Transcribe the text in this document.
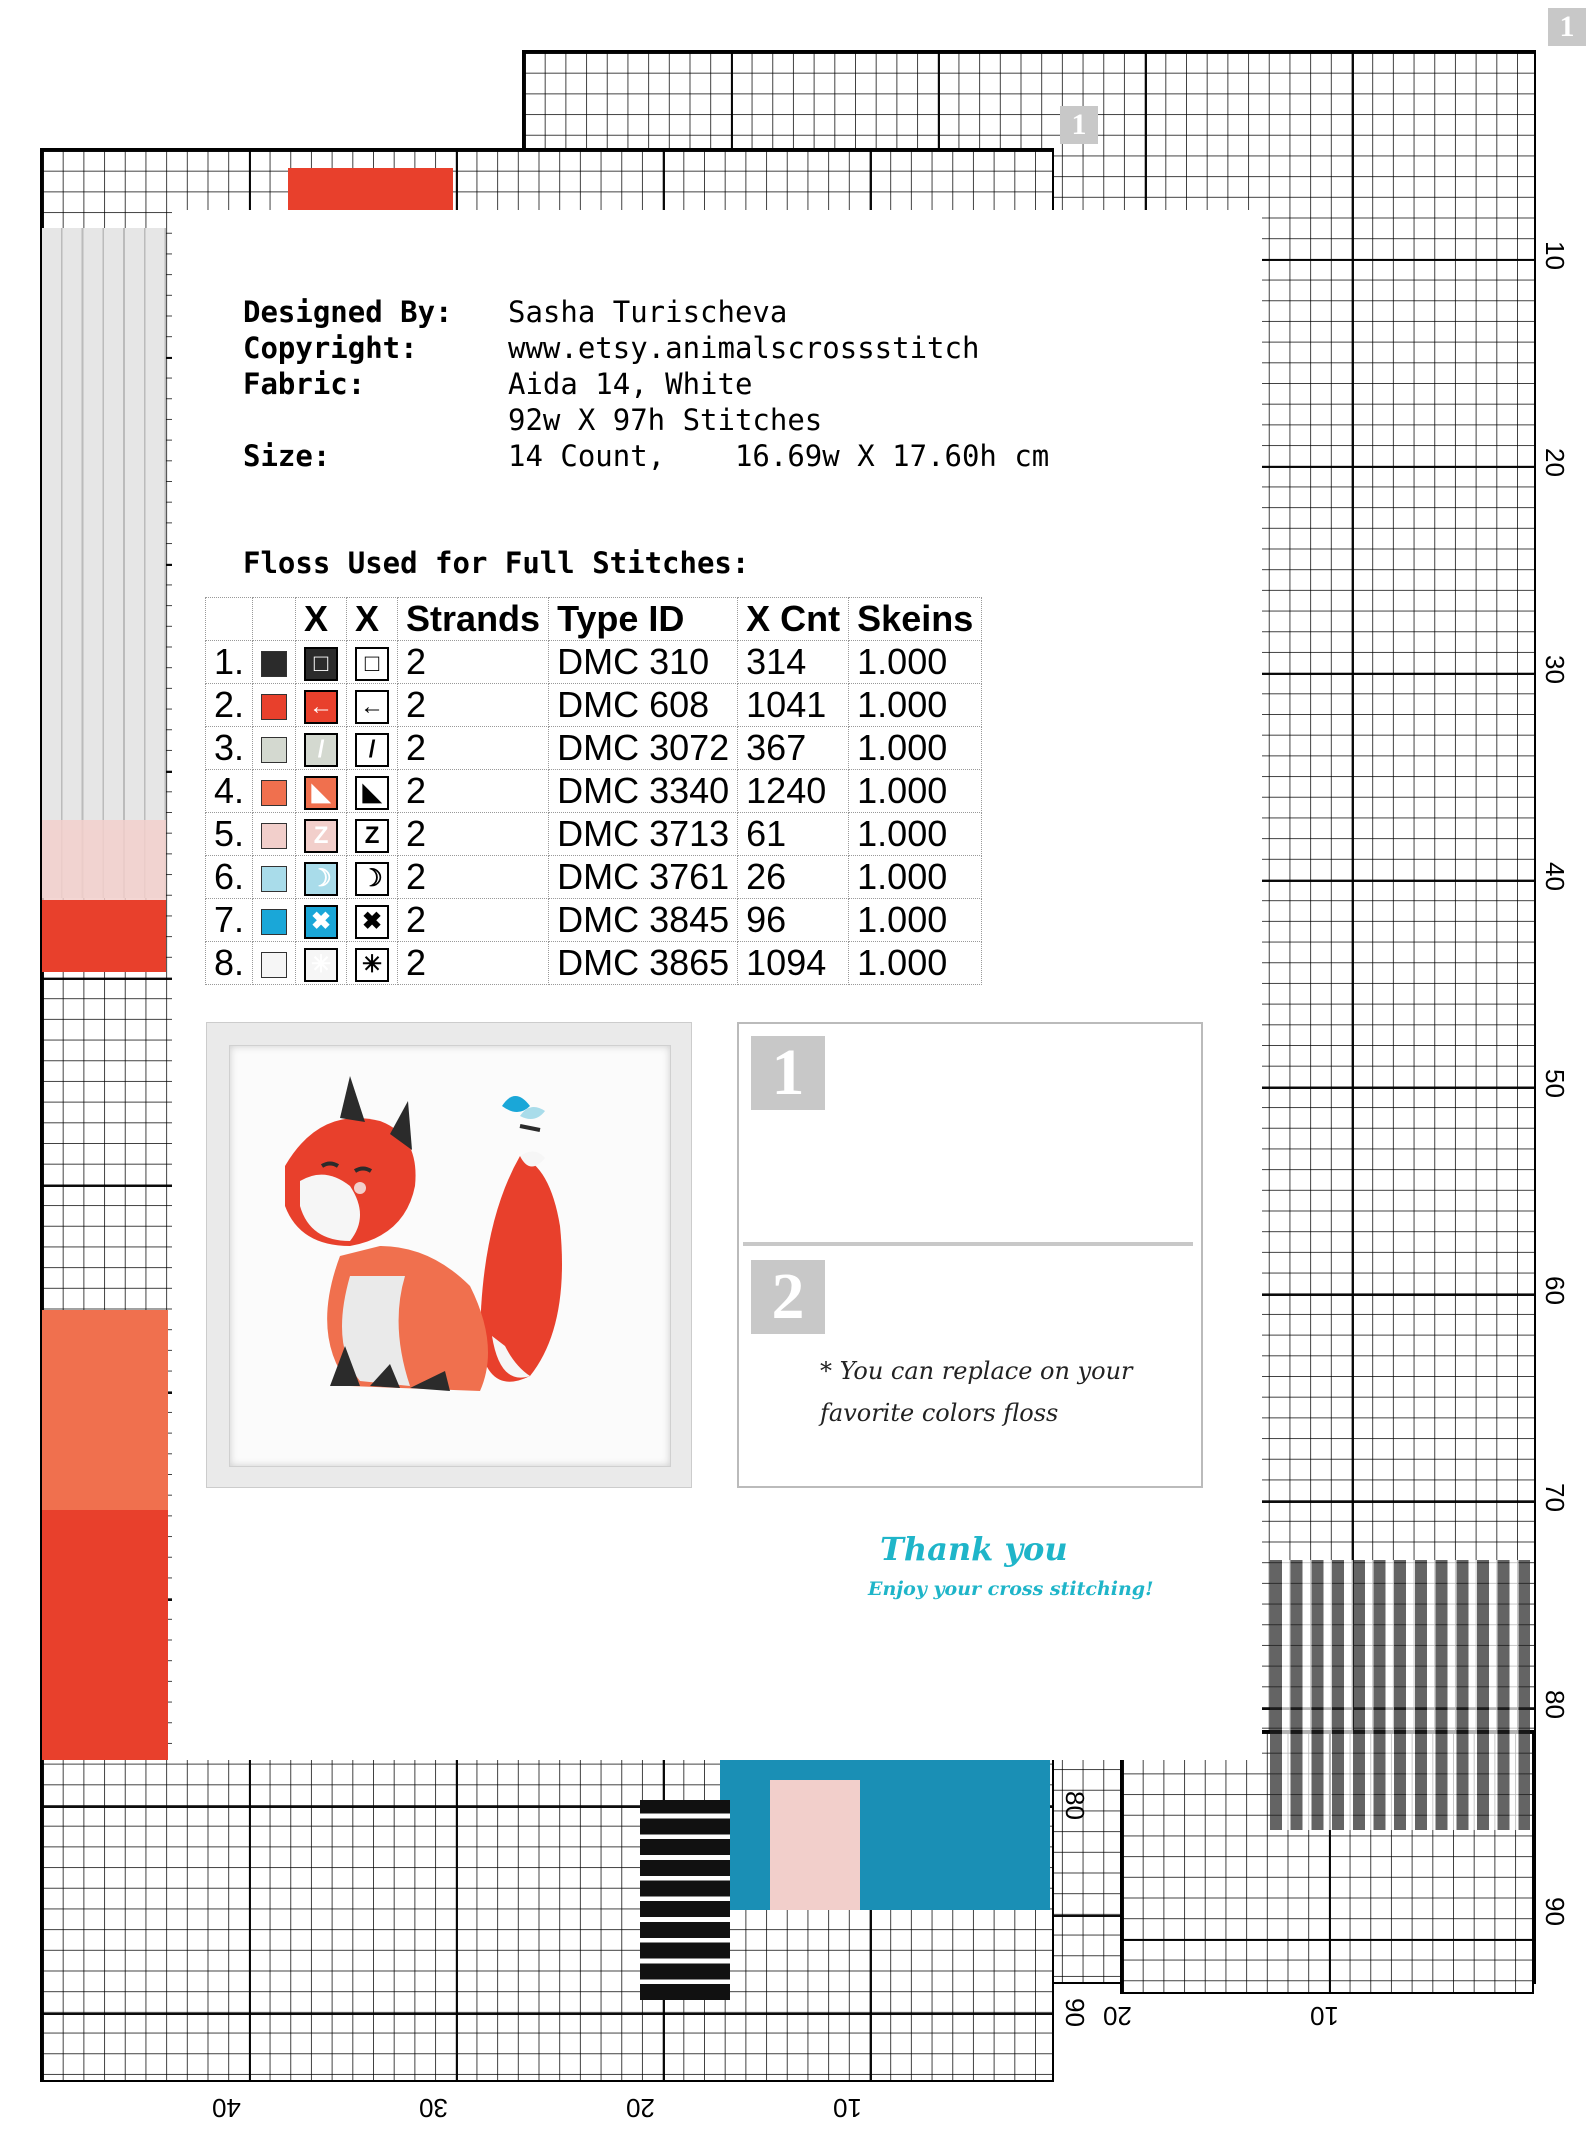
1
1
10
20
30
40
50
60
70
80
90
40	30	20	10
80
90 20	10
Designed By: Sasha Turischeva
Copyright:	www.etsy.animalscrossstitch
Fabric:	Aida 14, White
92w X 97h Stitches
Size:	14 Count,    16.69w X 17.60h cm
Floss Used for Full Stitches:
		X	X	Strands	Type ID	X Cnt	Skeins
1.		□	□	2	DMC 310	314	1.000
2.		←	←	2	DMC 608	1041	1.000
3.		/	/	2	DMC 3072	367	1.000
4.		◣	◣	2	DMC 3340	1240	1.000
5.		Z	Z	2	DMC 3713	61	1.000
6.		☽	☽	2	DMC 3761	26	1.000
7.		✖	✖	2	DMC 3845	96	1.000
8.		✳	✳	2	DMC 3865	1094	1.000
1
2
* You can replace on your
favorite colors floss
Thank you
Enjoy your cross stitching!
